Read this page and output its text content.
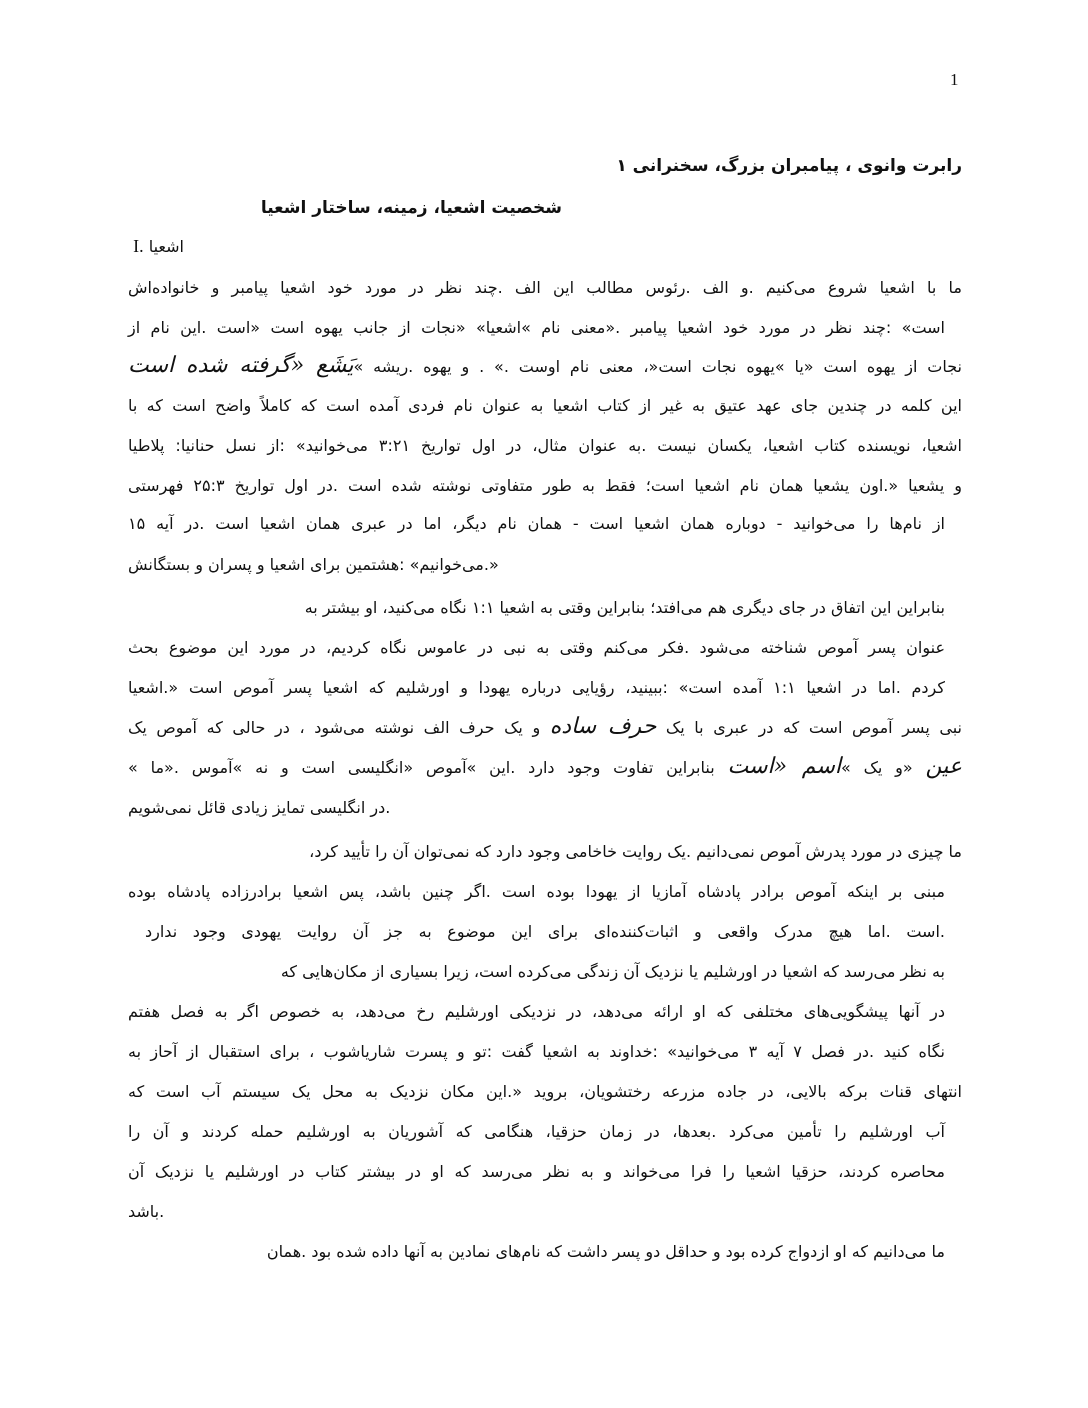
1
رابرت وانوی ، پیامبران بزرگ، سخنرانی ۱
شخصیت اشعیا، زمینه، ساختار اشعیا
I. اشعیا
ما با اشعیا شروع می‌کنیم .و الف .رئوس مطالب این الف .چند نظر در مورد خود اشعیا پیامبر و خانواده‌اش
است» :چند نظر در مورد خود اشعیا پیامبر .«معنی نام »اشعیا» «نجات از جانب یهوه است «است .این نام از
نجات از یهوه است «یا »یهوه نجات است«، معنی نام اوست .» . و یهوه .ریشه »یَشَع «گرفته شده است
این کلمه در چندین جای عهد عتیق به غیر از کتاب اشعیا به عنوان نام فردی آمده است که کاملاً واضح است که با
اشعیا، نویسنده کتاب اشعیا، یکسان نیست .به عنوان مثال، در اول تواریخ ۳:۲۱ می‌خوانید» :از نسل حنانیا: پلاطیا
و یشعیا «.اون یشعیا همان نام اشعیا است؛ فقط به طور متفاوتی نوشته شده است .در اول تواریخ ۲۵:۳ فهرستی
از نام‌ها را می‌خوانید - دوباره همان اشعیا است - همان نام دیگر، اما در عبری همان اشعیا است .در آیه ۱۵
«.می‌خوانیم» :هشتمین برای اشعیا و پسران و بستگانش
بنابراین این اتفاق در جای دیگری هم می‌افتد؛ بنابراین وقتی به اشعیا ۱:۱ نگاه می‌کنید، او بیشتر به
عنوان پسر آموص شناخته می‌شود .فکر می‌کنم وقتی به نبی در عاموس نگاه کردیم، در مورد این موضوع بحث
کردم .اما در اشعیا ۱:۱ آمده است» :ببینید، رؤیایی درباره یهودا و اورشلیم که اشعیا پسر آموص است «.اشعیا
نبی پسر آموص است که در عبری با یک حرف ساده و یک حرف الف نوشته می‌شود ، در حالی که آموص یک
عین «و یک »اسم «است بنابراین تفاوت وجود دارد .این »آموص «انگلیسی است و نه »آموس .«ما »
.در انگلیسی تمایز زیادی قائل نمی‌شویم
ما چیزی در مورد پدرش آموص نمی‌دانیم .یک روایت خاخامی وجود دارد که نمی‌توان آن را تأیید کرد،
مبنی بر اینکه آموص برادر پادشاه آمازیا از یهودا بوده است .اگر چنین باشد، پس اشعیا برادرزاده پادشاه بوده
.است .اما هیچ مدرک واقعی و اثبات‌کننده‌ای برای این موضوع به جز آن روایت یهودی وجود ندارد
به نظر می‌رسد که اشعیا در اورشلیم یا نزدیک آن زندگی می‌کرده است، زیرا بسیاری از مکان‌هایی که
در آنها پیشگویی‌های مختلفی که او ارائه می‌دهد، در نزدیکی اورشلیم رخ می‌دهد، به خصوص اگر به فصل هفتم
نگاه کنید .در فصل ۷ آیه ۳ می‌خوانید» :خداوند به اشعیا گفت :تو و پسرت شاریاشوب ، برای استقبال از آحاز به
انتهای قنات برکه بالایی، در جاده مزرعه رختشویان، بروید «.این مکان نزدیک به محل یک سیستم آب است که
آب اورشلیم را تأمین می‌کرد .بعدها، در زمان حزقیا، هنگامی که آشوریان به اورشلیم حمله کردند و آن را
محاصره کردند، حزقیا اشعیا را فرا می‌خواند و به نظر می‌رسد که او در بیشتر کتاب در اورشلیم یا نزدیک آن
.باشد
ما می‌دانیم که او ازدواج کرده بود و حداقل دو پسر داشت که نام‌های نمادین به آنها داده شده بود .همان
